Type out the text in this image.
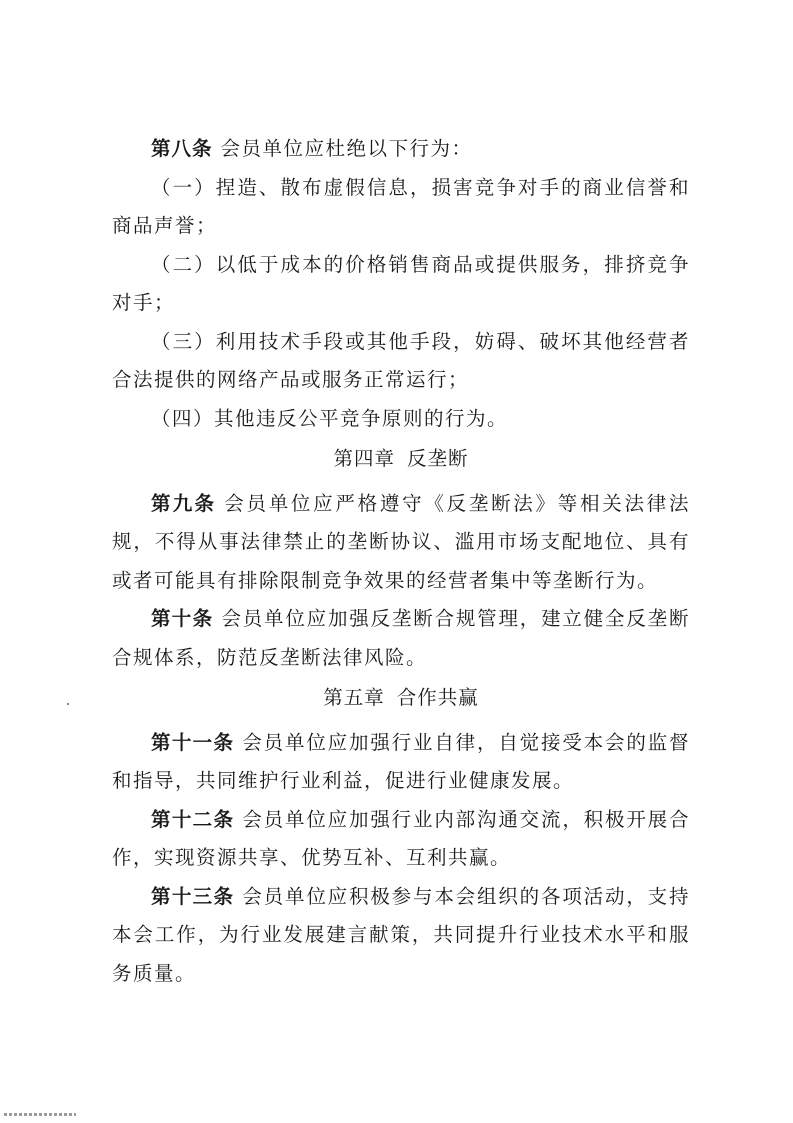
第八条 会员单位应杜绝以下行为：

（一）捏造、散布虚假信息，损害竞争对手的商业信誉和商品声誉；

（二）以低于成本的价格销售商品或提供服务，排挤竞争对手；

（三）利用技术手段或其他手段，妨碍、破坏其他经营者合法提供的网络产品或服务正常运行；

（四）其他违反公平竞争原则的行为。

第四章 反垄断

第九条 会员单位应严格遵守《反垄断法》等相关法律法规，不得从事法律禁止的垄断协议、滥用市场支配地位、具有或者可能具有排除限制竞争效果的经营者集中等垄断行为。

第十条 会员单位应加强反垄断合规管理，建立健全反垄断合规体系，防范反垄断法律风险。

第五章 合作共赢

第十一条 会员单位应加强行业自律，自觉接受本会的监督和指导，共同维护行业利益，促进行业健康发展。

第十二条 会员单位应加强行业内部沟通交流，积极开展合作，实现资源共享、优势互补、互利共赢。

第十三条 会员单位应积极参与本会组织的各项活动，支持本会工作，为行业发展建言献策，共同提升行业技术水平和服务质量。
